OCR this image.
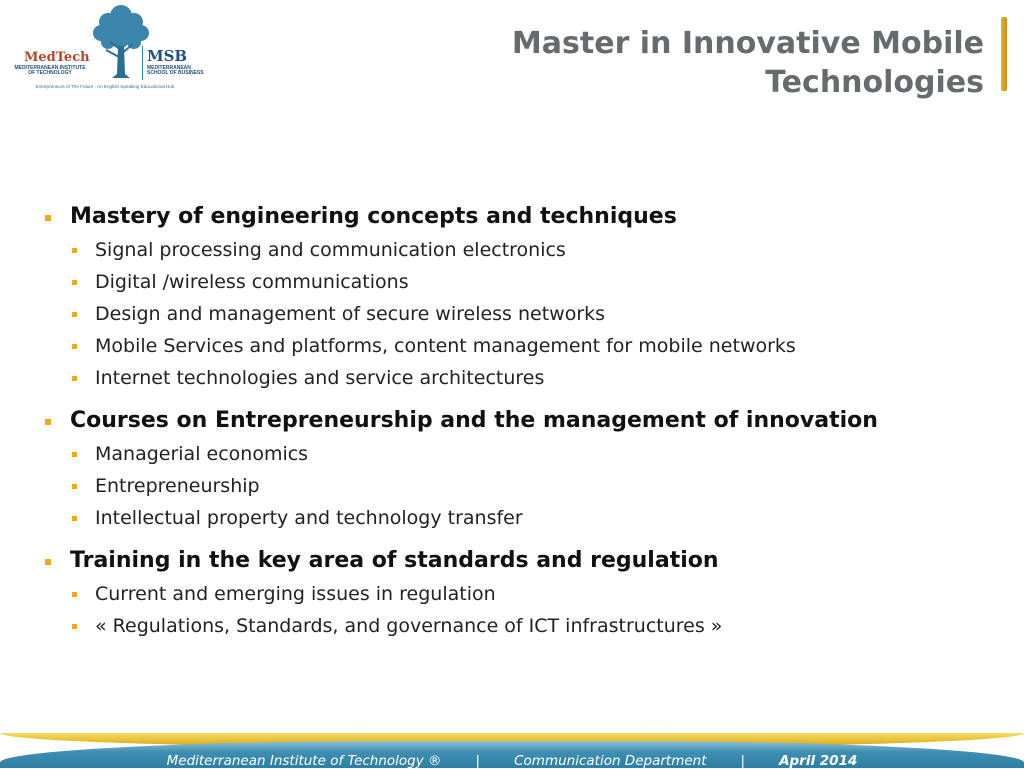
MedTech
MEDITERRANEAN INSTITUTE OF TECHNOLOGY
MSB
MEDITERRANEAN SCHOOL OF BUSINESS
Entrepreneurs of The Future : An English Speaking Educational Hub
Master in Innovative Mobile
Technologies
Mastery of engineering concepts and techniques
Signal processing and communication electronics
Digital /wireless communications
Design and management of secure wireless networks
Mobile Services and platforms, content management for mobile networks
Internet technologies and service architectures
Courses on Entrepreneurship and the management of innovation
Managerial economics
Entrepreneurship
Intellectual property and technology transfer
Training in the key area of standards and regulation
Current and emerging issues in regulation
« Regulations, Standards, and governance of ICT infrastructures »
Mediterranean Institute of Technology ®	|	Communication Department	|	April 2014
